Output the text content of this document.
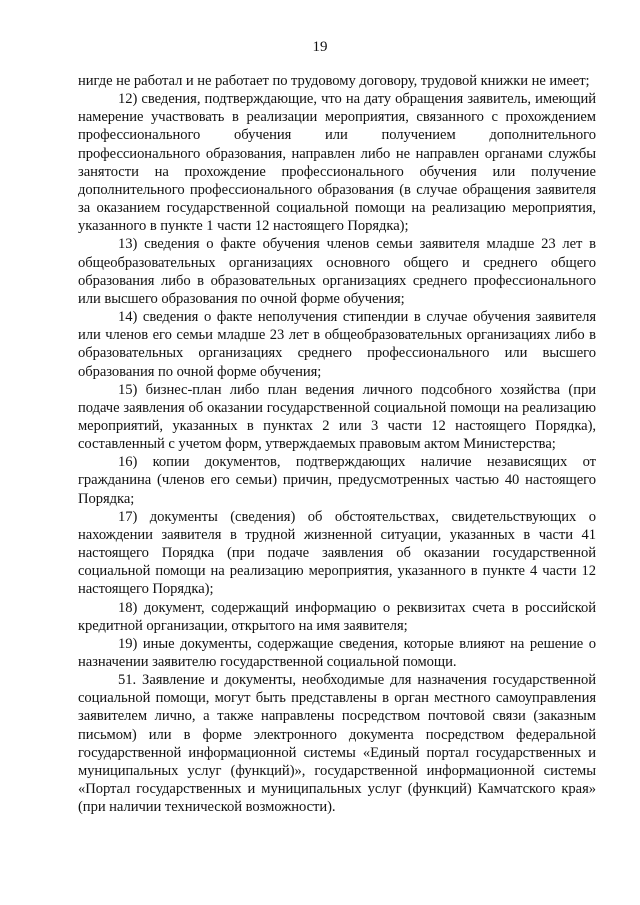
19

нигде не работал и не работает по трудовому договору, трудовой книжки не имеет;

12) сведения, подтверждающие, что на дату обращения заявитель, имеющий намерение участвовать в реализации мероприятия, связанного с прохождением профессионального обучения или получением дополнительного профессионального образования, направлен либо не направлен органами службы занятости на прохождение профессионального обучения или получение дополнительного профессионального образования (в случае обращения заявителя за оказанием государственной социальной помощи на реализацию мероприятия, указанного в пункте 1 части 12 настоящего Порядка);

13) сведения о факте обучения членов семьи заявителя младше 23 лет в общеобразовательных организациях основного общего и среднего общего образования либо в образовательных организациях среднего профессионального или высшего образования по очной форме обучения;

14) сведения о факте неполучения стипендии в случае обучения заявителя или членов его семьи младше 23 лет в общеобразовательных организациях либо в образовательных организациях среднего профессионального или высшего образования по очной форме обучения;

15) бизнес-план либо план ведения личного подсобного хозяйства (при подаче заявления об оказании государственной социальной помощи на реализацию мероприятий, указанных в пунктах 2 или 3 части 12 настоящего Порядка), составленный с учетом форм, утверждаемых правовым актом Министерства;

16) копии документов, подтверждающих наличие независящих от гражданина (членов его семьи) причин, предусмотренных частью 40 настоящего Порядка;

17) документы (сведения) об обстоятельствах, свидетельствующих о нахождении заявителя в трудной жизненной ситуации, указанных в части 41 настоящего Порядка (при подаче заявления об оказании государственной социальной помощи на реализацию мероприятия, указанного в пункте 4 части 12 настоящего Порядка);

18) документ, содержащий информацию о реквизитах счета в российской кредитной организации, открытого на имя заявителя;

19) иные документы, содержащие сведения, которые влияют на решение о назначении заявителю государственной социальной помощи.

51. Заявление и документы, необходимые для назначения государственной социальной помощи, могут быть представлены в орган местного самоуправления заявителем лично, а также направлены посредством почтовой связи (заказным письмом) или в форме электронного документа посредством федеральной государственной информационной системы «Единый портал государственных и муниципальных услуг (функций)», государственной информационной системы «Портал государственных и муниципальных услуг (функций) Камчатского края» (при наличии технической возможности).
